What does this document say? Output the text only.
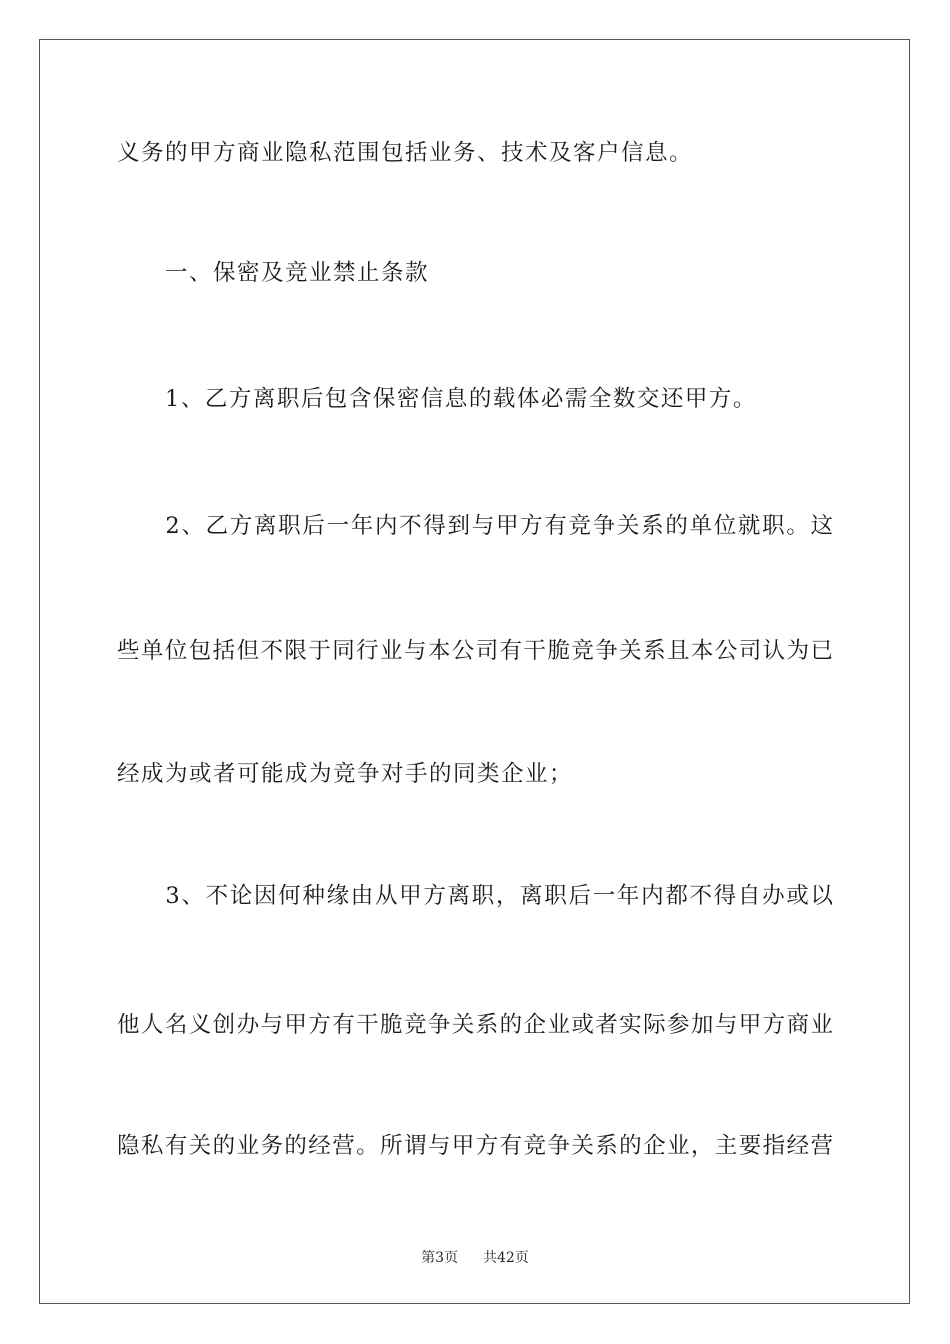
义务的甲方商业隐私范围包括业务、技术及客户信息。

　　一、保密及竞业禁止条款

　　1、乙方离职后包含保密信息的载体必需全数交还甲方。

　　2、乙方离职后一年内不得到与甲方有竞争关系的单位就职。这

些单位包括但不限于同行业与本公司有干脆竞争关系且本公司认为已

经成为或者可能成为竞争对手的同类企业；

　　3、不论因何种缘由从甲方离职，离职后一年内都不得自办或以

他人名义创办与甲方有干脆竞争关系的企业或者实际参加与甲方商业

隐私有关的业务的经营。所谓与甲方有竞争关系的企业，主要指经营

第3页 共42页
